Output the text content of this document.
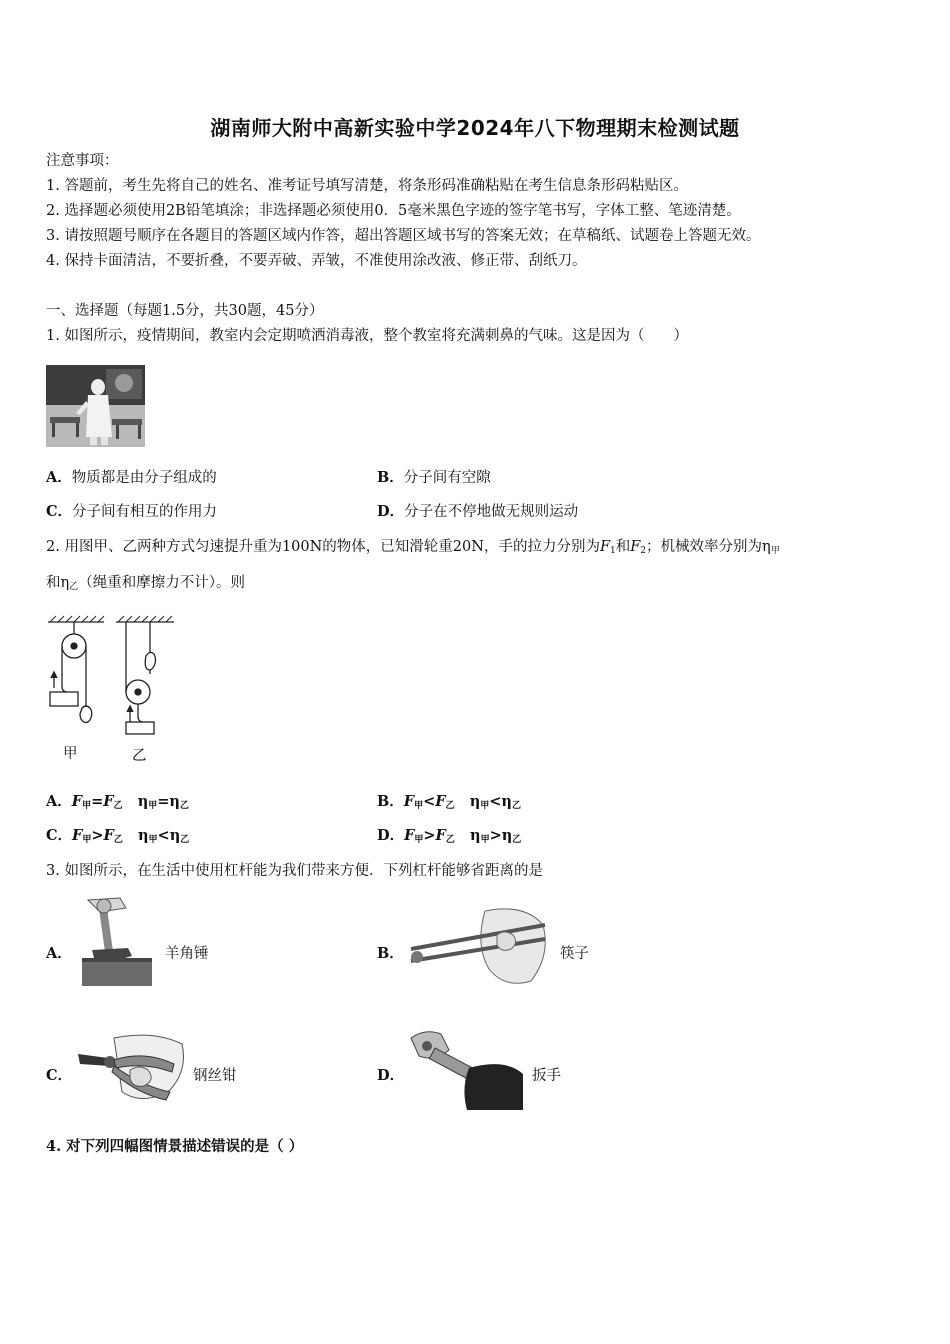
湖南师大附中高新实验中学2024年八下物理期末检测试题
注意事项：
1. 答题前，考生先将自己的姓名、准考证号填写清楚，将条形码准确粘贴在考生信息条形码粘贴区。
2. 选择题必须使用2B铅笔填涂；非选择题必须使用0．5毫米黑色字迹的签字笔书写，字体工整、笔迹清楚。
3. 请按照题号顺序在各题目的答题区域内作答，超出答题区域书写的答案无效；在草稿纸、试题卷上答题无效。
4. 保持卡面清洁，不要折叠，不要弄破、弄皱，不准使用涂改液、修正带、刮纸刀。
一、选择题（每题1.5分，共30题，45分）
1. 如图所示，疫情期间，教室内会定期喷洒消毒液，整个教室将充满刺鼻的气味。这是因为（　　）
A．物质都是由分子组成的	B．分子间有空隙
C．分子间有相互的作用力	D．分子在不停地做无规则运动
2. 用图甲、乙两种方式匀速提升重为100N的物体，已知滑轮重20N，手的拉力分别为$F_1$和$F_2$；机械效率分别为$\eta_甲$
和$\eta_乙$（绳重和摩擦力不计）。则
甲	乙
A．$F_甲=F_乙$ $\eta_甲=\eta_乙$	B．$F_甲<F_乙$ $\eta_甲<\eta_乙$
C．$F_甲>F_乙$ $\eta_甲<\eta_乙$	D．$F_甲>F_乙$ $\eta_甲>\eta_乙$
3. 如图所示，在生活中使用杠杆能为我们带来方便．下列杠杆能够省距离的是
A．	羊角锤	B．	筷子
C．	钢丝钳	D．	扳手
4. 对下列四幅图情景描述错误的是（ ）
